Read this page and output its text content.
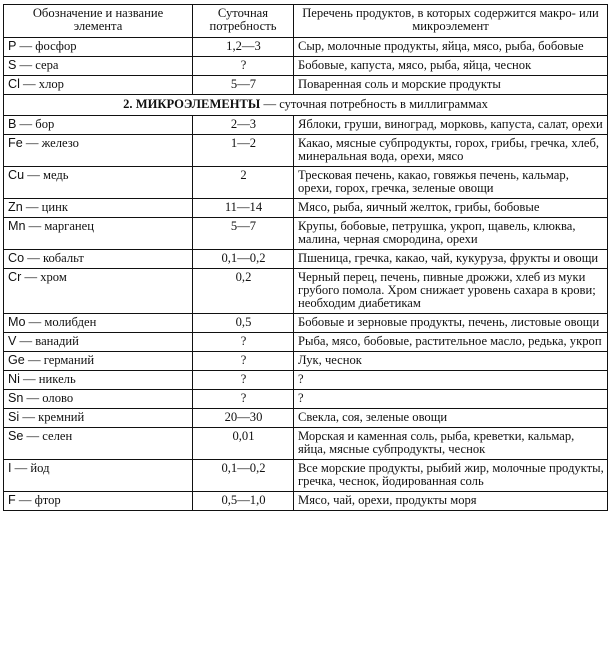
Обозначение и название элемента	Суточная потребность	Перечень продуктов, в которых содержится макро- или микроэлемент
P — фосфор	1,2—3	Сыр, молочные продукты, яйца, мясо, рыба, бобовые
S — сера	?	Бобовые, капуста, мясо, рыба, яйца, чеснок
Cl — хлор	5—7	Поваренная соль и морские продукты
2. МИКРОЭЛЕМЕНТЫ — суточная потребность в миллиграммах		
B — бор	2—3	Яблоки, груши, виноград, морковь, капуста, салат, орехи
Fe — железо	1—2	Какао, мясные субпродукты, горох, грибы, гречка, хлеб, минеральная вода, орехи, мясо
Cu — медь	2	Тресковая печень, какао, говяжья печень, кальмар, орехи, горох, гречка, зеленые овощи
Zn — цинк	11—14	Мясо, рыба, яичный желток, грибы, бобовые
Mn — марганец	5—7	Крупы, бобовые, петрушка, укроп, щавель, клюква, малина, черная смородина, орехи
Co — кобальт	0,1—0,2	Пшеница, гречка, какао, чай, кукуруза, фрукты и овощи
Cr — хром	0,2	Черный перец, печень, пивные дрожжи, хлеб из муки грубого помола. Хром снижает уровень сахара в крови; необходим диабетикам
Mo — молибден	0,5	Бобовые и зерновые продукты, печень, листовые овощи
V — ванадий	?	Рыба, мясо, бобовые, растительное масло, редька, укроп
Ge — германий	?	Лук, чеснок
Ni — никель	?	?
Sn — олово	?	?
Si — кремний	20—30	Свекла, соя, зеленые овощи
Se — селен	0,01	Морская и каменная соль, рыба, креветки, кальмар, яйца, мясные субпродукты, чеснок
I — йод	0,1—0,2	Все морские продукты, рыбий жир, молочные продукты, гречка, чеснок, йодированная соль
F — фтор	0,5—1,0	Мясо, чай, орехи, продукты моря
